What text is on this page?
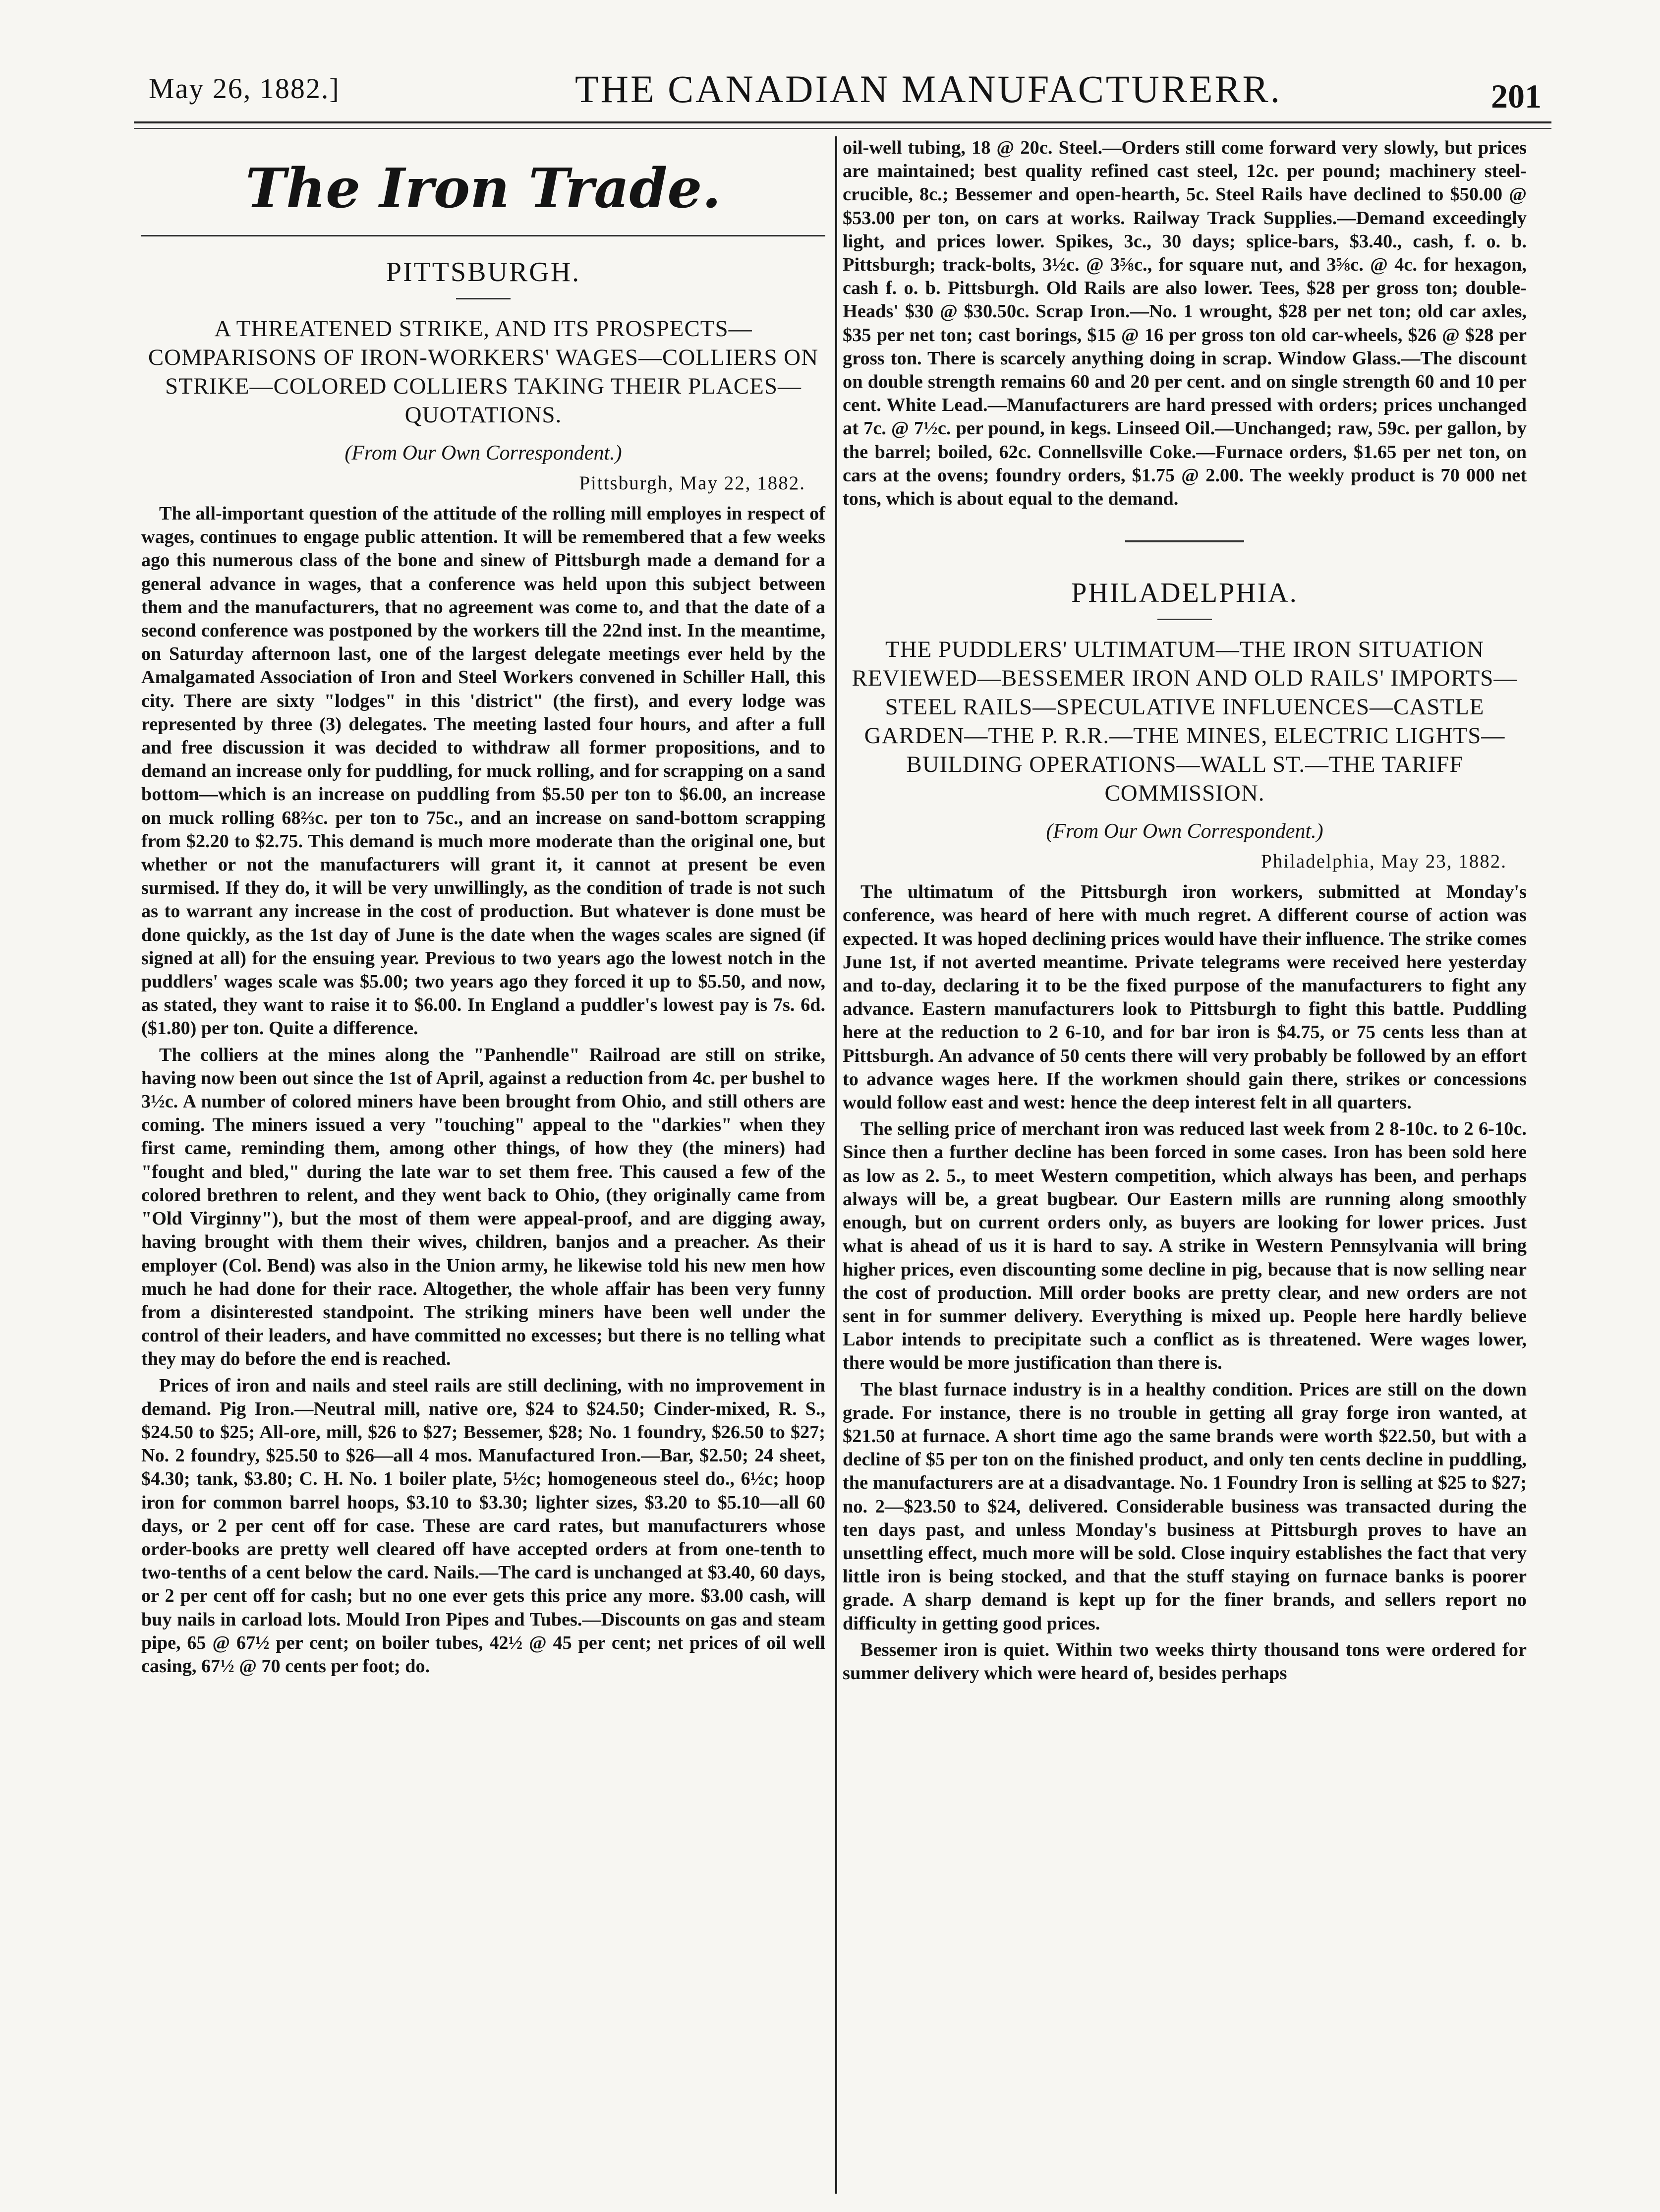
May 26, 1882.]	THE CANADIAN MANUFACTURERR.	201
The Iron Trade.
PITTSBURGH.
A THREATENED STRIKE, AND ITS PROSPECTS—COMPARISONS OF IRON-WORKERS' WAGES—COLLIERS ON STRIKE—COLORED COLLIERS TAKING THEIR PLACES—QUOTATIONS.
(From Our Own Correspondent.)
Pittsburgh, May 22, 1882.

The all-important question of the attitude of the rolling mill employes in respect of wages, continues to engage public attention. It will be remembered that a few weeks ago this numerous class of the bone and sinew of Pittsburgh made a demand for a general advance in wages, that a conference was held upon this subject between them and the manufacturers, that no agreement was come to, and that the date of a second conference was postponed by the workers till the 22nd inst. In the meantime, on Saturday afternoon last, one of the largest delegate meetings ever held by the Amalgamated Association of Iron and Steel Workers convened in Schiller Hall, this city. There are sixty "lodges" in this 'district" (the first), and every lodge was represented by three (3) delegates. The meeting lasted four hours, and after a full and free discussion it was decided to withdraw all former propositions, and to demand an increase only for puddling, for muck rolling, and for scrapping on a sand bottom—which is an increase on puddling from $5.50 per ton to $6.00, an increase on muck rolling 68⅔c. per ton to 75c., and an increase on sand-bottom scrapping from $2.20 to $2.75. This demand is much more moderate than the original one, but whether or not the manufacturers will grant it, it cannot at present be even surmised. If they do, it will be very unwillingly, as the condition of trade is not such as to warrant any increase in the cost of production. But whatever is done must be done quickly, as the 1st day of June is the date when the wages scales are signed (if signed at all) for the ensuing year. Previous to two years ago the lowest notch in the puddlers' wages scale was $5.00; two years ago they forced it up to $5.50, and now, as stated, they want to raise it to $6.00. In England a puddler's lowest pay is 7s. 6d. ($1.80) per ton. Quite a difference.

The colliers at the mines along the "Panhendle" Railroad are still on strike, having now been out since the 1st of April, against a reduction from 4c. per bushel to 3½c. A number of colored miners have been brought from Ohio, and still others are coming. The miners issued a very "touching" appeal to the "darkies" when they first came, reminding them, among other things, of how they (the miners) had "fought and bled," during the late war to set them free. This caused a few of the colored brethren to relent, and they went back to Ohio, (they originally came from "Old Virginny"), but the most of them were appeal-proof, and are digging away, having brought with them their wives, children, banjos and a preacher. As their employer (Col. Bend) was also in the Union army, he likewise told his new men how much he had done for their race. Altogether, the whole affair has been very funny from a disinterested standpoint. The striking miners have been well under the control of their leaders, and have committed no excesses; but there is no telling what they may do before the end is reached.

Prices of iron and nails and steel rails are still declining, with no improvement in demand. Pig Iron.—Neutral mill, native ore, $24 to $24.50; Cinder-mixed, R. S., $24.50 to $25; All-ore, mill, $26 to $27; Bessemer, $28; No. 1 foundry, $26.50 to $27; No. 2 foundry, $25.50 to $26—all 4 mos. Manufactured Iron.—Bar, $2.50; 24 sheet, $4.30; tank, $3.80; C. H. No. 1 boiler plate, 5½c; homogeneous steel do., 6½c; hoop iron for common barrel hoops, $3.10 to $3.30; lighter sizes, $3.20 to $5.10—all 60 days, or 2 per cent off for case. These are card rates, but manufacturers whose order-books are pretty well cleared off have accepted orders at from one-tenth to two-tenths of a cent below the card. Nails.—The card is unchanged at $3.40, 60 days, or 2 per cent off for cash; but no one ever gets this price any more. $3.00 cash, will buy nails in carload lots. Mould Iron Pipes and Tubes.—Discounts on gas and steam pipe, 65 @ 67½ per cent; on boiler tubes, 42½ @ 45 per cent; net prices of oil well casing, 67½ @ 70 cents per foot; do.

oil-well tubing, 18 @ 20c. Steel.—Orders still come forward very slowly, but prices are maintained; best quality refined cast steel, 12c. per pound; machinery steel-crucible, 8c.; Bessemer and open-hearth, 5c. Steel Rails have declined to $50.00 @ $53.00 per ton, on cars at works. Railway Track Supplies.—Demand exceedingly light, and prices lower. Spikes, 3c., 30 days; splice-bars, $3.40., cash, f. o. b. Pittsburgh; track-bolts, 3½c. @ 3⅝c., for square nut, and 3⅝c. @ 4c. for hexagon, cash f. o. b. Pittsburgh. Old Rails are also lower. Tees, $28 per gross ton; double-Heads' $30 @ $30.50c. Scrap Iron.—No. 1 wrought, $28 per net ton; old car axles, $35 per net ton; cast borings, $15 @ 16 per gross ton old car-wheels, $26 @ $28 per gross ton. There is scarcely anything doing in scrap. Window Glass.—The discount on double strength remains 60 and 20 per cent. and on single strength 60 and 10 per cent. White Lead.—Manufacturers are hard pressed with orders; prices unchanged at 7c. @ 7½c. per pound, in kegs. Linseed Oil.—Unchanged; raw, 59c. per gallon, by the barrel; boiled, 62c. Connellsville Coke.—Furnace orders, $1.65 per net ton, on cars at the ovens; foundry orders, $1.75 @ 2.00. The weekly product is 70 000 net tons, which is about equal to the demand.

PHILADELPHIA.
THE PUDDLERS' ULTIMATUM—THE IRON SITUATION REVIEWED—BESSEMER IRON AND OLD RAILS' IMPORTS—STEEL RAILS—SPECULATIVE INFLUENCES—CASTLE GARDEN—THE P. R.R.—THE MINES, ELECTRIC LIGHTS—BUILDING OPERATIONS—WALL ST.—THE TARIFF COMMISSION.
(From Our Own Correspondent.)
Philadelphia, May 23, 1882.

The ultimatum of the Pittsburgh iron workers, submitted at Monday's conference, was heard of here with much regret. A different course of action was expected. It was hoped declining prices would have their influence. The strike comes June 1st, if not averted meantime. Private telegrams were received here yesterday and to-day, declaring it to be the fixed purpose of the manufacturers to fight any advance. Eastern manufacturers look to Pittsburgh to fight this battle. Puddling here at the reduction to 2 6-10, and for bar iron is $4.75, or 75 cents less than at Pittsburgh. An advance of 50 cents there will very probably be followed by an effort to advance wages here. If the workmen should gain there, strikes or concessions would follow east and west: hence the deep interest felt in all quarters.

The selling price of merchant iron was reduced last week from 2 8-10c. to 2 6-10c. Since then a further decline has been forced in some cases. Iron has been sold here as low as 2. 5., to meet Western competition, which always has been, and perhaps always will be, a great bugbear. Our Eastern mills are running along smoothly enough, but on current orders only, as buyers are looking for lower prices. Just what is ahead of us it is hard to say. A strike in Western Pennsylvania will bring higher prices, even discounting some decline in pig, because that is now selling near the cost of production. Mill order books are pretty clear, and new orders are not sent in for summer delivery. Everything is mixed up. People here hardly believe Labor intends to precipitate such a conflict as is threatened. Were wages lower, there would be more justification than there is.

The blast furnace industry is in a healthy condition. Prices are still on the down grade. For instance, there is no trouble in getting all gray forge iron wanted, at $21.50 at furnace. A short time ago the same brands were worth $22.50, but with a decline of $5 per ton on the finished product, and only ten cents decline in puddling, the manufacturers are at a disadvantage. No. 1 Foundry Iron is selling at $25 to $27; no. 2—$23.50 to $24, delivered. Considerable business was transacted during the ten days past, and unless Monday's business at Pittsburgh proves to have an unsettling effect, much more will be sold. Close inquiry establishes the fact that very little iron is being stocked, and that the stuff staying on furnace banks is poorer grade. A sharp demand is kept up for the finer brands, and sellers report no difficulty in getting good prices.

Bessemer iron is quiet. Within two weeks thirty thousand tons were ordered for summer delivery which were heard of, besides perhaps
